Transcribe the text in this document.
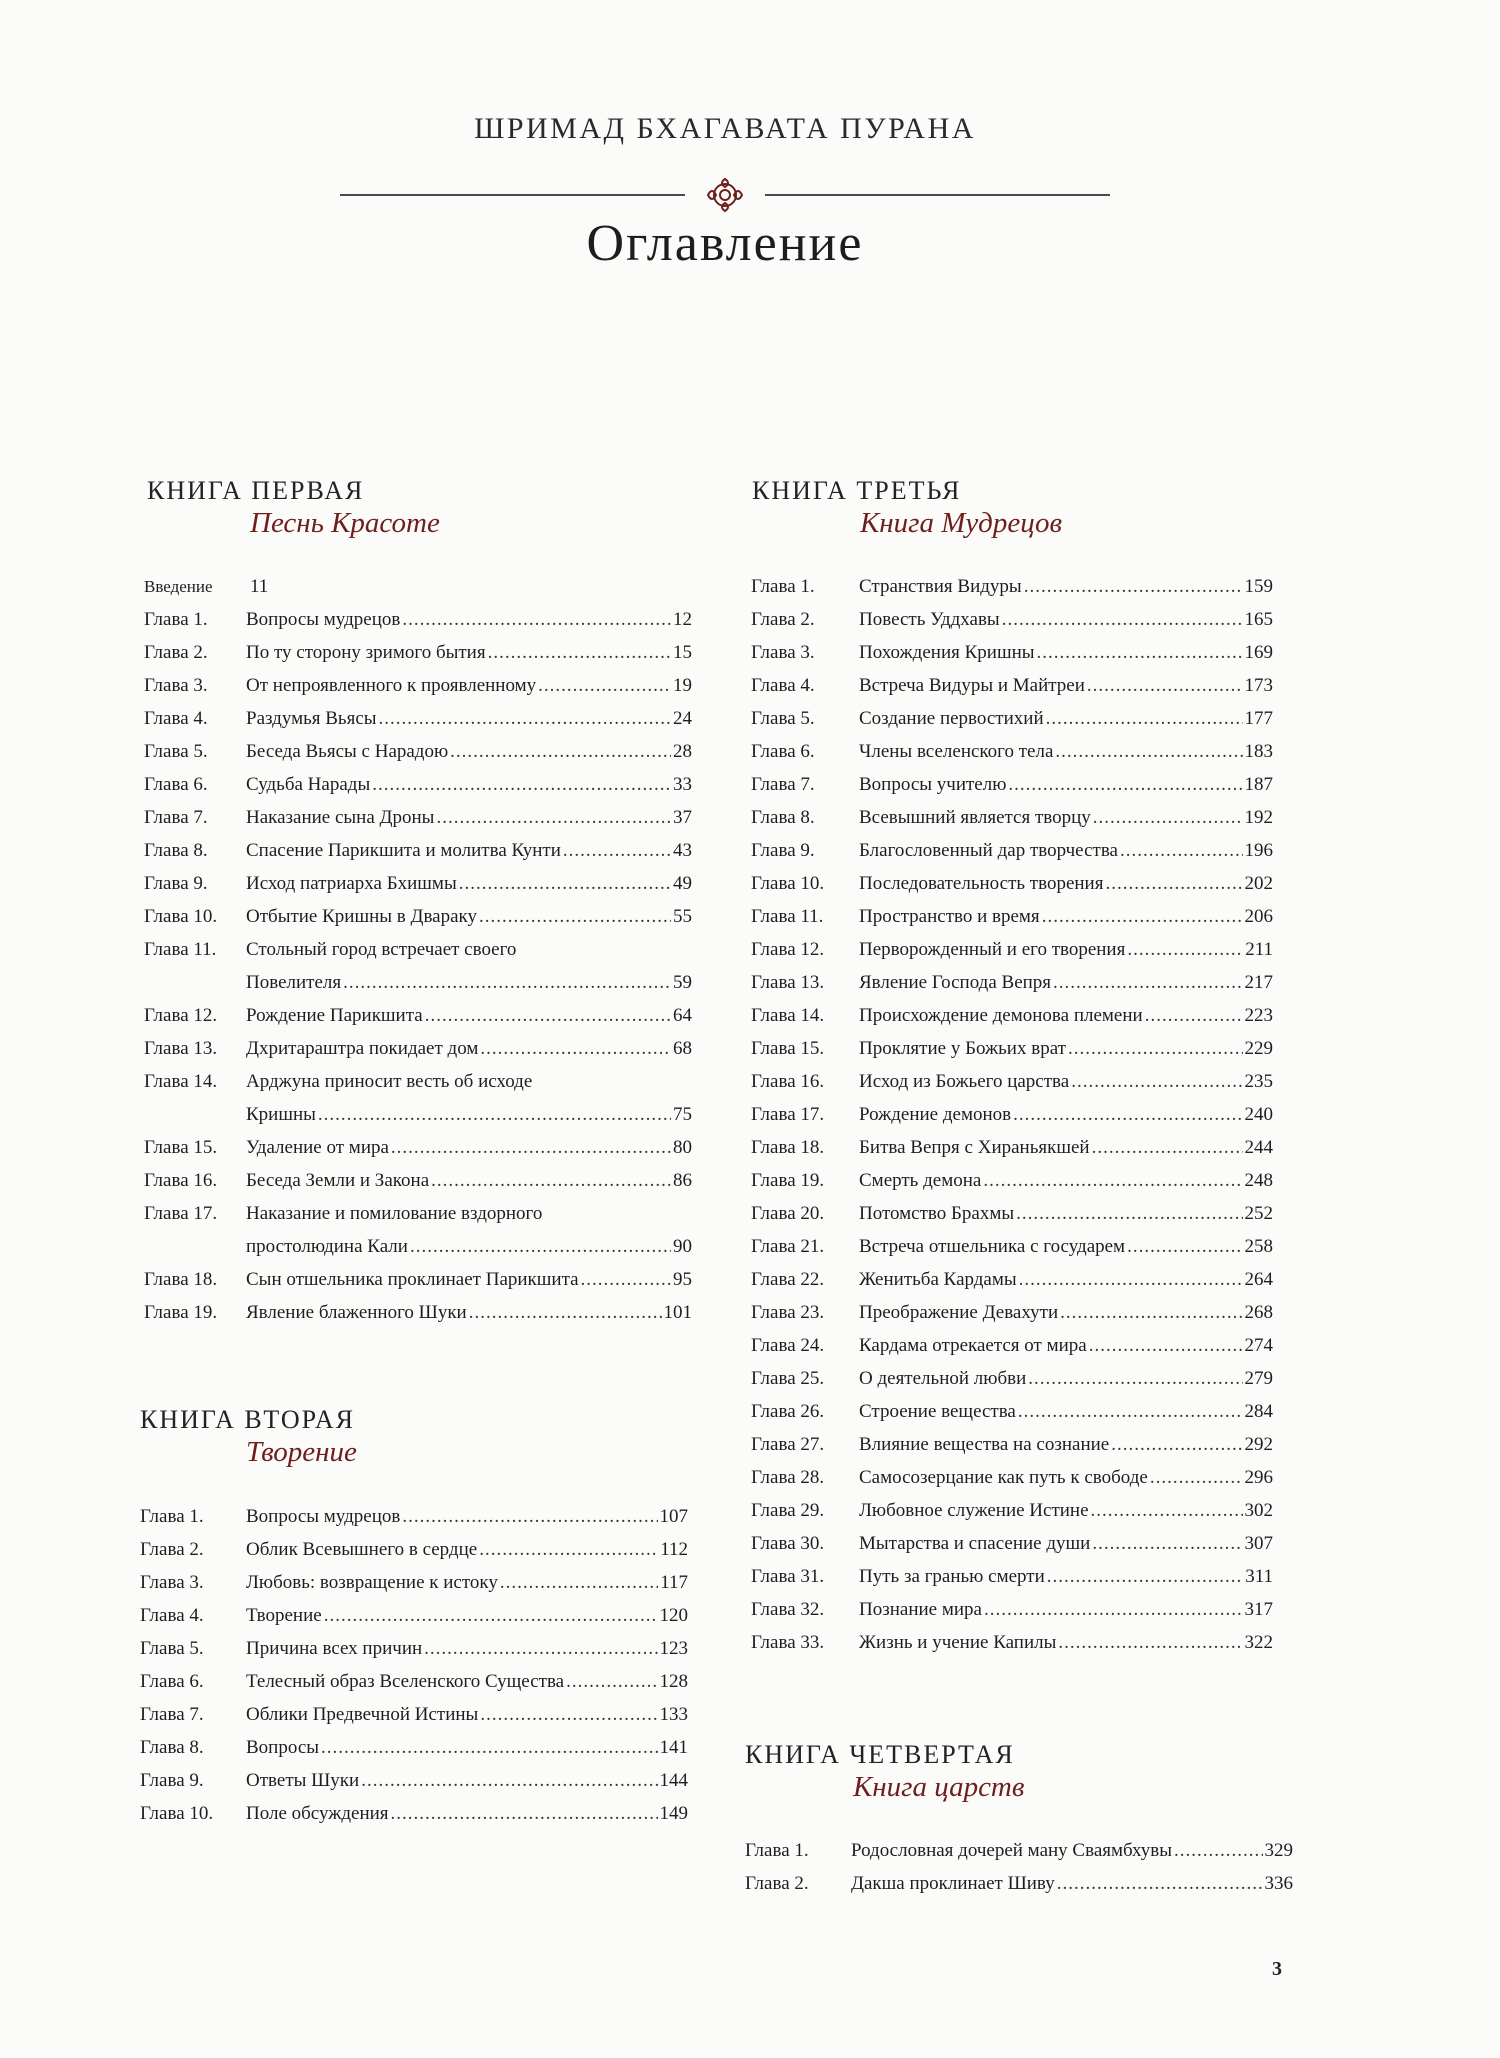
ШРИМАД БХАГАВАТА ПУРАНА
Оглавление
КНИГА ПЕРВАЯ
Песнь Красоте
Введение 11
Глава 1. Вопросы мудрецов .....	12
Глава 2. По ту сторону зримого бытия .....	15
Глава 3. От непроявленного к проявленному .....	19
Глава 4. Раздумья Вьясы .....	24
Глава 5. Беседа Вьясы с Нарадою .....	28
Глава 6. Судьба Нарады .....	33
Глава 7. Наказание сына Дроны .....	37
Глава 8. Спасение Парикшита и молитва Кунти .....	43
Глава 9. Исход патриарха Бхишмы .....	49
Глава 10. Отбытие Кришны в Двараку .....	55
Глава 11. Стольный город встречает своего
Повелителя .....	59
Глава 12. Рождение Парикшита .....	64
Глава 13. Дхритараштра покидает дом .....	68
Глава 14. Арджуна приносит весть об исходе
Кришны .....	75
Глава 15. Удаление от мира .....	80
Глава 16. Беседа Земли и Закона .....	86
Глава 17. Наказание и помилование вздорного
простолюдина Кали .....	90
Глава 18. Сын отшельника проклинает Парикшита .....	95
Глава 19. Явление блаженного Шуки .....	101
КНИГА ВТОРАЯ
Творение
Глава 1. Вопросы мудрецов .....	107
Глава 2. Облик Всевышнего в сердце .....	112
Глава 3. Любовь: возвращение к истоку .....	117
Глава 4. Творение .....	120
Глава 5. Причина всех причин .....	123
Глава 6. Телесный образ Вселенского Существа .....	128
Глава 7. Облики Предвечной Истины .....	133
Глава 8. Вопросы .....	141
Глава 9. Ответы Шуки .....	144
Глава 10. Поле обсуждения .....	149
КНИГА ТРЕТЬЯ
Книга Мудрецов
Глава 1. Странствия Видуры .....	159
Глава 2. Повесть Уддхавы .....	165
Глава 3. Похождения Кришны .....	169
Глава 4. Встреча Видуры и Майтреи .....	173
Глава 5. Создание первостихий .....	177
Глава 6. Члены вселенского тела .....	183
Глава 7. Вопросы учителю .....	187
Глава 8. Всевышний является творцу .....	192
Глава 9. Благословенный дар творчества .....	196
Глава 10. Последовательность творения .....	202
Глава 11. Пространство и время .....	206
Глава 12. Перворожденный и его творения .....	211
Глава 13. Явление Господа Вепря .....	217
Глава 14. Происхождение демонова племени .....	223
Глава 15. Проклятие у Божьих врат .....	229
Глава 16. Исход из Божьего царства .....	235
Глава 17. Рождение демонов .....	240
Глава 18. Битва Вепря с Хираньякшей .....	244
Глава 19. Смерть демона .....	248
Глава 20. Потомство Брахмы .....	252
Глава 21. Встреча отшельника с государем .....	258
Глава 22. Женитьба Кардамы .....	264
Глава 23. Преображение Девахути .....	268
Глава 24. Кардама отрекается от мира .....	274
Глава 25. О деятельной любви .....	279
Глава 26. Строение вещества .....	284
Глава 27. Влияние вещества на сознание .....	292
Глава 28. Самосозерцание как путь к свободе .....	296
Глава 29. Любовное служение Истине .....	302
Глава 30. Мытарства и спасение души .....	307
Глава 31. Путь за гранью смерти .....	311
Глава 32. Познание мира .....	317
Глава 33. Жизнь и учение Капилы .....	322
КНИГА ЧЕТВЕРТАЯ
Книга царств
Глава 1. Родословная дочерей ману Сваямбхувы .....	329
Глава 2. Дакша проклинает Шиву .....	336
3
